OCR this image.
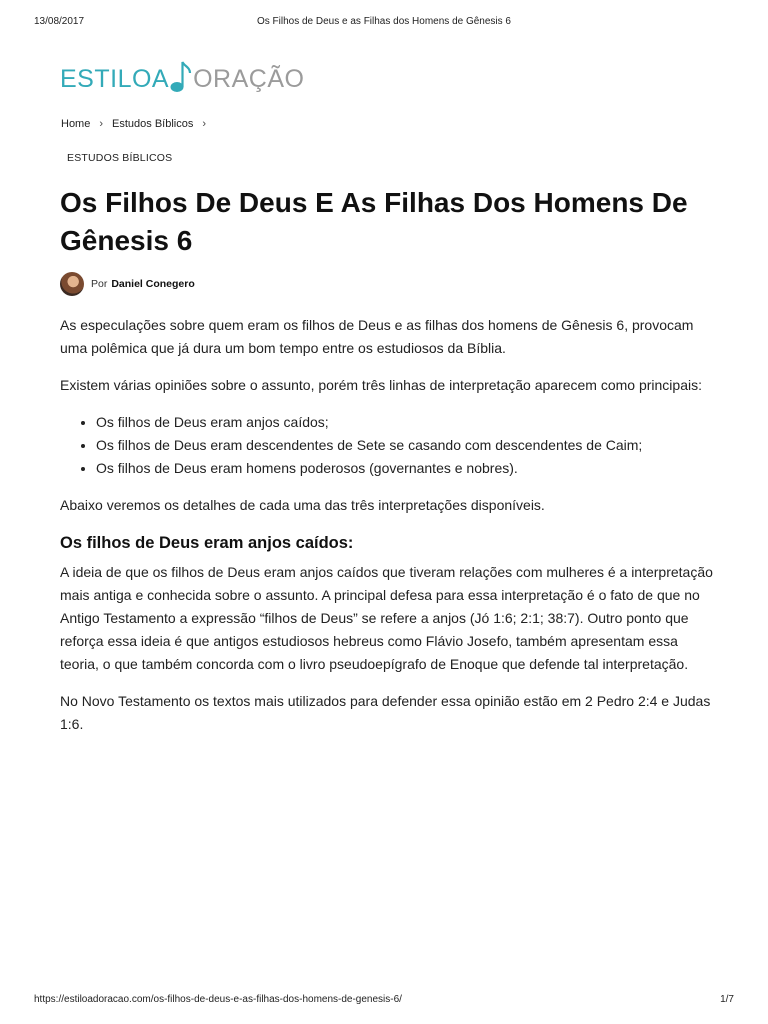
13/08/2017	Os Filhos de Deus e as Filhas dos Homens de Gênesis 6
ESTILOA ORAÇÃO
Home › Estudos Bíblicos ›
ESTUDOS BÍBLICOS
Os Filhos De Deus E As Filhas Dos Homens De Gênesis 6
Por Daniel Conegero

As especulações sobre quem eram os filhos de Deus e as filhas dos homens de Gênesis 6, provocam uma polêmica que já dura um bom tempo entre os estudiosos da Bíblia.

Existem várias opiniões sobre o assunto, porém três linhas de interpretação aparecem como principais:

• Os filhos de Deus eram anjos caídos;
• Os filhos de Deus eram descendentes de Sete se casando com descendentes de Caim;
• Os filhos de Deus eram homens poderosos (governantes e nobres).

Abaixo veremos os detalhes de cada uma das três interpretações disponíveis.

Os filhos de Deus eram anjos caídos:

A ideia de que os filhos de Deus eram anjos caídos que tiveram relações com mulheres é a interpretação mais antiga e conhecida sobre o assunto. A principal defesa para essa interpretação é o fato de que no Antigo Testamento a expressão “filhos de Deus” se refere a anjos (Jó 1:6; 2:1; 38:7). Outro ponto que reforça essa ideia é que antigos estudiosos hebreus como Flávio Josefo, também apresentam essa teoria, o que também concorda com o livro pseudoepígrafo de Enoque que defende tal interpretação.

No Novo Testamento os textos mais utilizados para defender essa opinião estão em 2 Pedro 2:4 e Judas 1:6.

https://estiloadoracao.com/os-filhos-de-deus-e-as-filhas-dos-homens-de-genesis-6/	1/7
